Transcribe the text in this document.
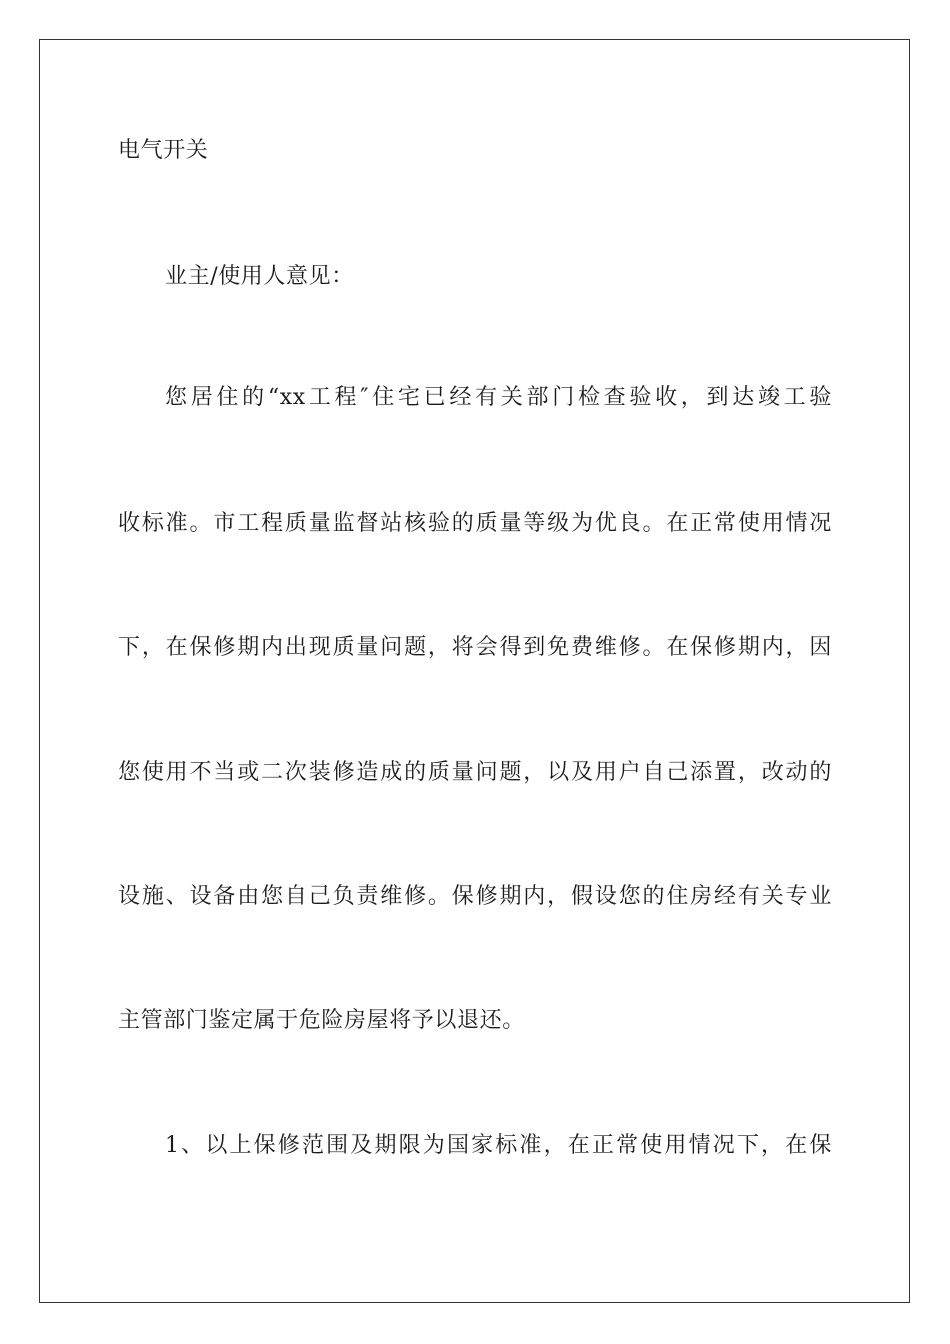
电气开关
业主/使用人意见：
您居住的“xx工程″住宅已经有关部门检查验收，到达竣工验
收标准。市工程质量监督站核验的质量等级为优良。在正常使用情况
下，在保修期内出现质量问题，将会得到免费维修。在保修期内，因
您使用不当或二次装修造成的质量问题，以及用户自己添置，改动的
设施、设备由您自己负责维修。保修期内，假设您的住房经有关专业
主管部门鉴定属于危险房屋将予以退还。
1、以上保修范围及期限为国家标准，在正常使用情况下，在保
